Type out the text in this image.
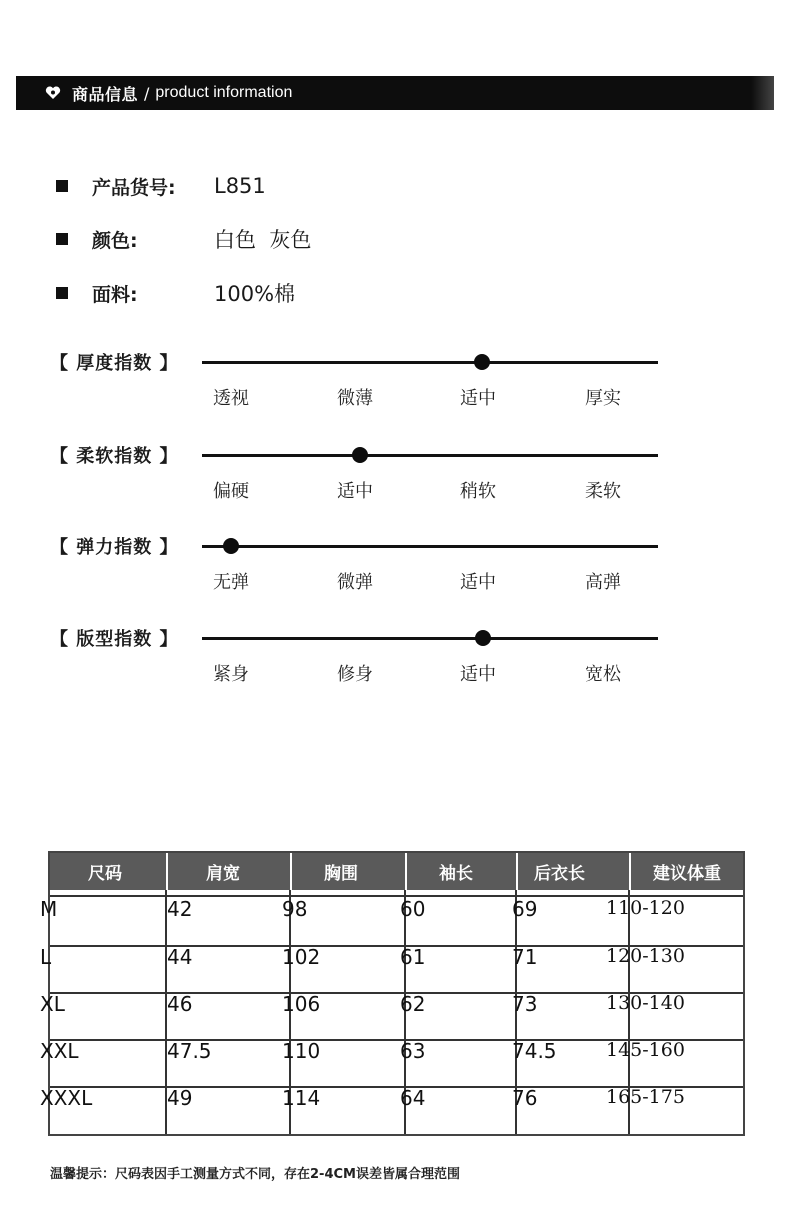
商品信息 / product information
产品货号:	L851
颜色:	白色  灰色
面料:	100%棉
【 厚度指数 】
透视	微薄	适中	厚实
【 柔软指数 】
偏硬	适中	稍软	柔软
【 弹力指数 】
无弹	微弹	适中	高弹
【 版型指数 】
紧身	修身	适中	宽松
尺码	肩宽	胸围	袖长	后衣长	建议体重
M	42	98	60	69	110-120
L	44	102	61	71	120-130
XL	46	106	62	73	130-140
XXL	47.5	110	63	74.5	145-160
XXXL	49	114	64	76	165-175
温馨提示：尺码表因手工测量方式不同，存在2-4CM误差皆属合理范围
